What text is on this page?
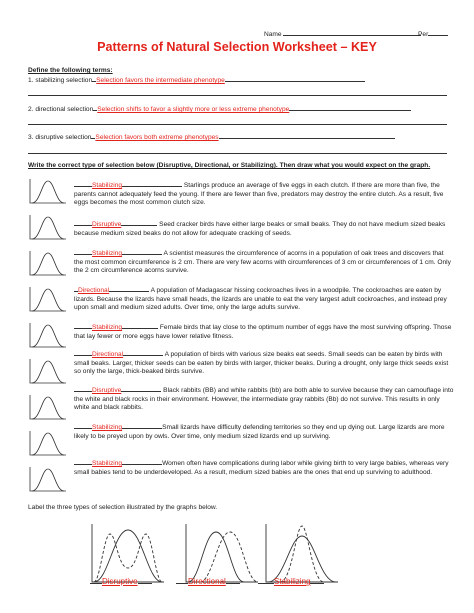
Name	Per
Patterns of Natural Selection Worksheet – KEY
Define the following terms:
1. stabilizing selection Selection favors the intermediate phenotype
2. directional selection Selection shifts to favor a slightly more or less extreme phenotype
3. disruptive selection Selection favors both extreme phenotypes
Write the correct type of selection below (Disruptive, Directional, or Stabilizing). Then draw what you would expect on the graph.
Stabilizing	Starlings produce an average of five eggs in each clutch. If there are more than five, the parents cannot adequately feed the young. If there are fewer than five, predators may destroy the entire clutch. As a result, five eggs becomes the most common clutch size.
Disruptive	Seed cracker birds have either large beaks or small beaks. They do not have medium sized beaks because medium sized beaks do not allow for adequate cracking of seeds.
Stabilizing	A scientist measures the circumference of acorns in a population of oak trees and discovers that the most common circumference is 2 cm. There are very few acorns with circumferences of 3 cm or circumferences of 1 cm. Only the 2 cm circumference acorns survive.
Directional	A population of Madagascar hissing cockroaches lives in a woodpile. The cockroaches are eaten by lizards. Because the lizards have small heads, the lizards are unable to eat the very largest adult cockroaches, and instead prey upon small and medium sized adults. Over time, only the large adults survive.
Stabilizing	Female birds that lay close to the optimum number of eggs have the most surviving offspring. Those that lay fewer or more eggs have lower relative fitness.
Directional	A population of birds with various size beaks eat seeds. Small seeds can be eaten by birds with small beaks. Larger, thicker seeds can be eaten by birds with larger, thicker beaks. During a drought, only large thick seeds exist so only the large, thick-beaked birds survive.
Disruptive	Black rabbits (BB) and white rabbits (bb) are both able to survive because they can camouflage into the white and black rocks in their environment. However, the intermediate gray rabbits (Bb) do not survive. This results in only white and black rabbits.
Stabilizing	Small lizards have difficulty defending territories so they end up dying out. Large lizards are more likely to be preyed upon by owls. Over time, only medium sized lizards end up surviving.
Stabilizing	Women often have complications during labor while giving birth to very large babies, whereas very small babies tend to be underdeveloped. As a result, medium sized babies are the ones that end up surviving to adulthood.
Label the three types of selection illustrated by the graphs below.
Disruptive	Directional	Stabilizing
